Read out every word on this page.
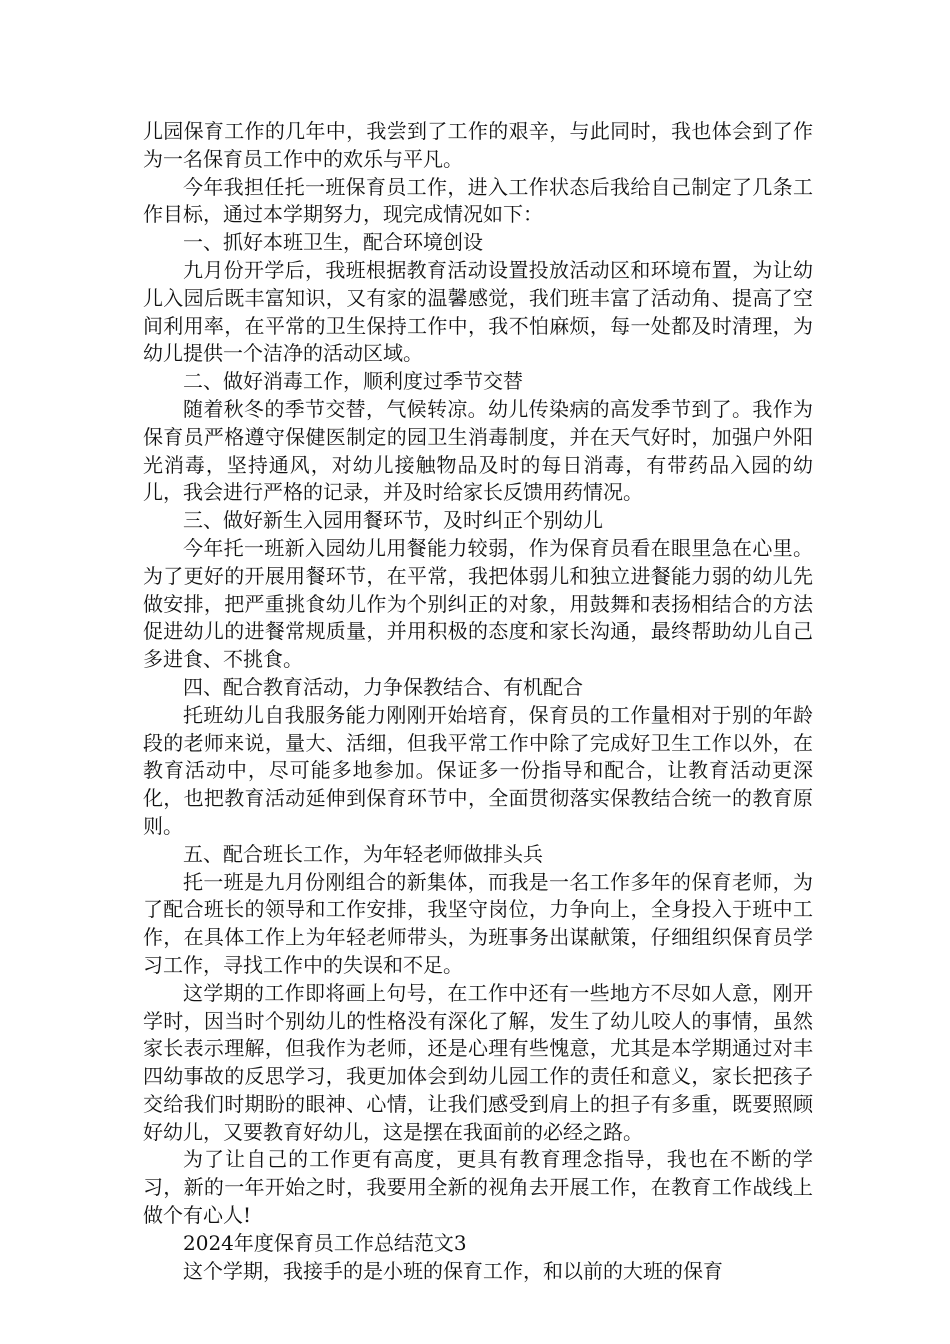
儿园保育工作的几年中，我尝到了工作的艰辛，与此同时，我也体会到了作为一名保育员工作中的欢乐与平凡。

今年我担任托一班保育员工作，进入工作状态后我给自己制定了几条工作目标，通过本学期努力，现完成情况如下：

一、抓好本班卫生，配合环境创设

九月份开学后，我班根据教育活动设置投放活动区和环境布置，为让幼儿入园后既丰富知识，又有家的温馨感觉，我们班丰富了活动角、提高了空间利用率，在平常的卫生保持工作中，我不怕麻烦，每一处都及时清理，为幼儿提供一个洁净的活动区域。

二、做好消毒工作，顺利度过季节交替

随着秋冬的季节交替，气候转凉。幼儿传染病的高发季节到了。我作为保育员严格遵守保健医制定的园卫生消毒制度，并在天气好时，加强户外阳光消毒，坚持通风，对幼儿接触物品及时的每日消毒，有带药品入园的幼儿，我会进行严格的记录，并及时给家长反馈用药情况。

三、做好新生入园用餐环节，及时纠正个别幼儿

今年托一班新入园幼儿用餐能力较弱，作为保育员看在眼里急在心里。为了更好的开展用餐环节，在平常，我把体弱儿和独立进餐能力弱的幼儿先做安排，把严重挑食幼儿作为个别纠正的对象，用鼓舞和表扬相结合的方法促进幼儿的进餐常规质量，并用积极的态度和家长沟通，最终帮助幼儿自己多进食、不挑食。

四、配合教育活动，力争保教结合、有机配合

托班幼儿自我服务能力刚刚开始培育，保育员的工作量相对于别的年龄段的老师来说，量大、活细，但我平常工作中除了完成好卫生工作以外，在教育活动中，尽可能多地参加。保证多一份指导和配合，让教育活动更深化，也把教育活动延伸到保育环节中，全面贯彻落实保教结合统一的教育原则。

五、配合班长工作，为年轻老师做排头兵

托一班是九月份刚组合的新集体，而我是一名工作多年的保育老师，为了配合班长的领导和工作安排，我坚守岗位，力争向上，全身投入于班中工作，在具体工作上为年轻老师带头，为班事务出谋献策，仔细组织保育员学习工作，寻找工作中的失误和不足。

这学期的工作即将画上句号，在工作中还有一些地方不尽如人意，刚开学时，因当时个别幼儿的性格没有深化了解，发生了幼儿咬人的事情，虽然家长表示理解，但我作为老师，还是心理有些愧意，尤其是本学期通过对丰四幼事故的反思学习，我更加体会到幼儿园工作的责任和意义，家长把孩子交给我们时期盼的眼神、心情，让我们感受到肩上的担子有多重，既要照顾好幼儿，又要教育好幼儿，这是摆在我面前的必经之路。

为了让自己的工作更有高度，更具有教育理念指导，我也在不断的学习，新的一年开始之时，我要用全新的视角去开展工作，在教育工作战线上做个有心人!

2024年度保育员工作总结范文3

这个学期，我接手的是小班的保育工作，和以前的大班的保育
